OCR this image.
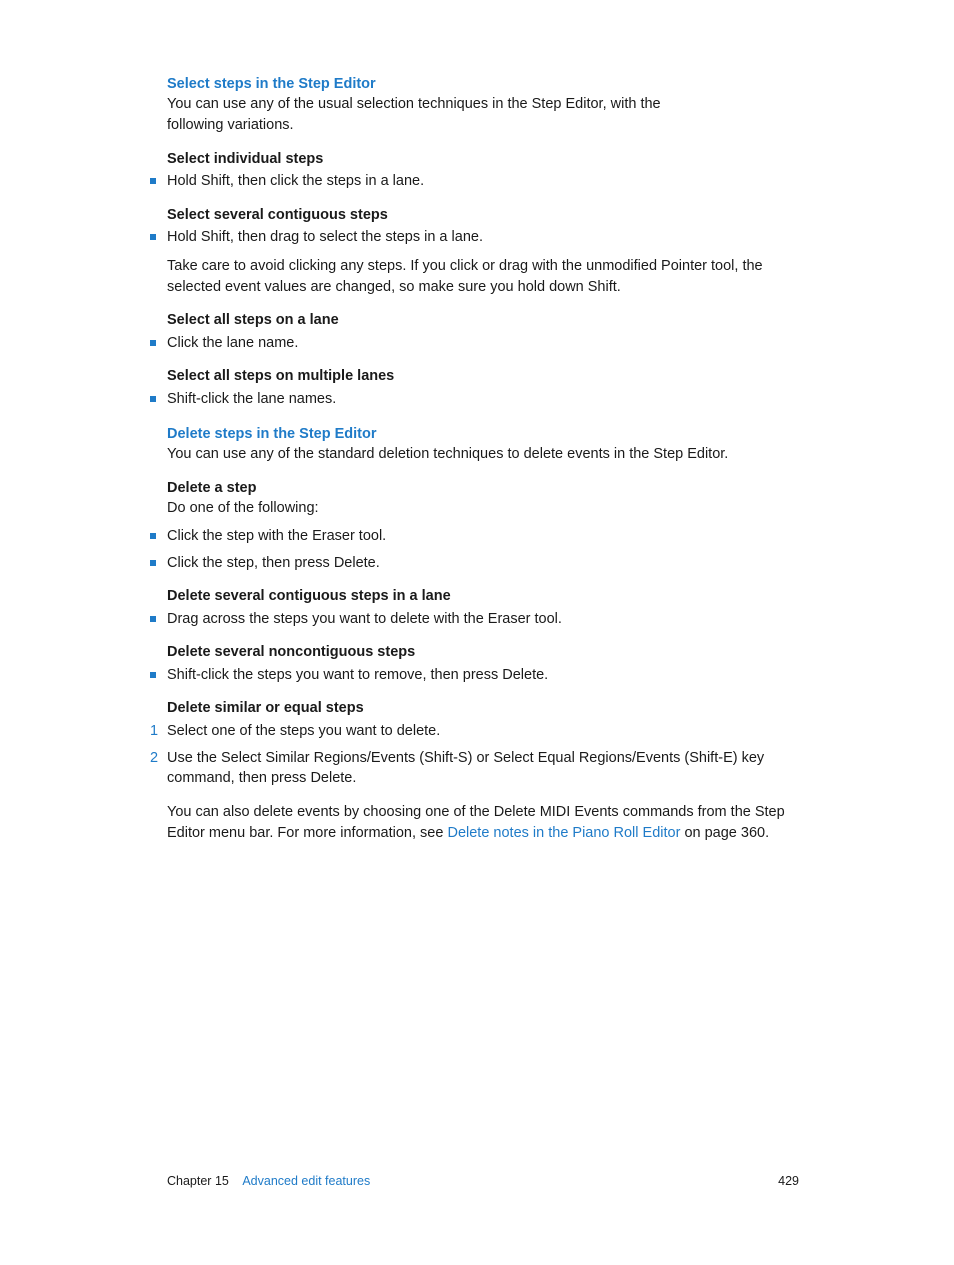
Select steps in the Step Editor

You can use any of the usual selection techniques in the Step Editor, with the

following variations.

Select individual steps

Hold Shift, then click the steps in a lane.

Select several contiguous steps

Hold Shift, then drag to select the steps in a lane.

Take care to avoid clicking any steps. If you click or drag with the unmodified Pointer tool, the

selected event values are changed, so make sure you hold down Shift.

Select all steps on a lane

Click the lane name.

Select all steps on multiple lanes

Shift-click the lane names.

Delete steps in the Step Editor

You can use any of the standard deletion techniques to delete events in the Step Editor.

Delete a step

Do one of the following:

Click the step with the Eraser tool.
Click the step, then press Delete.

Delete several contiguous steps in a lane

Drag across the steps you want to delete with the Eraser tool.

Delete several noncontiguous steps

Shift-click the steps you want to remove, then press Delete.

Delete similar or equal steps

1 Select one of the steps you want to delete.
2 Use the Select Similar Regions/Events (Shift-S) or Select Equal Regions/Events (Shift-E) key
command, then press Delete.

You can also delete events by choosing one of the Delete MIDI Events commands from the Step

Editor menu bar. For more information, see Delete notes in the Piano Roll Editor on page 360.

Chapter 15 Advanced edit features	429
